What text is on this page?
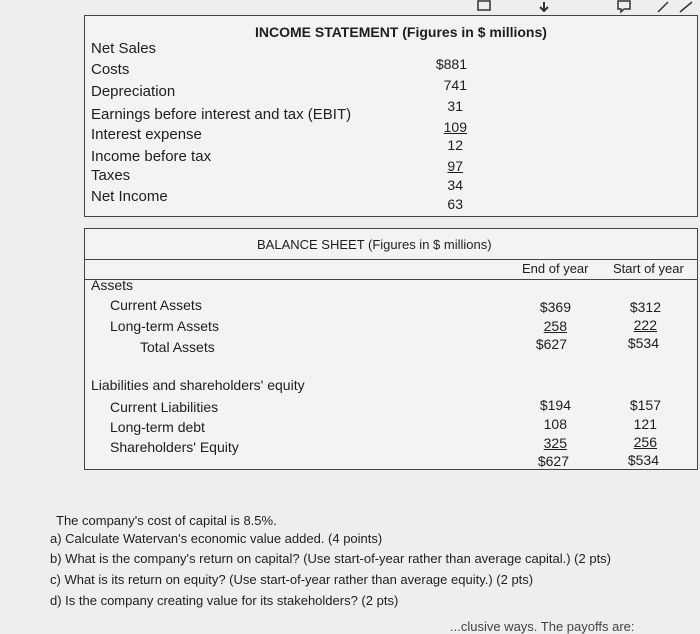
INCOME STATEMENT (Figures in $ millions)
Net Sales
Costs
Depreciation
Earnings before interest and tax (EBIT)
Interest expense
Income before tax
Taxes
Net Income
$881
741
31
109
12
97
34
63
BALANCE SHEET (Figures in $ millions)
End of year Start of year
Assets
Current Assets
Long-term Assets
Total Assets
$369
258
$627
$312
222
$534
Liabilities and shareholders' equity
Current Liabilities
Long-term debt
Shareholders' Equity
$194
108
325
$627
$157
121
256
$534
The company's cost of capital is 8.5%.
a) Calculate Watervan's economic value added. (4 points)
b) What is the company's return on capital? (Use start-of-year rather than average capital.) (2 pts)
c) What is its return on equity? (Use start-of-year rather than average equity.) (2 pts)
d) Is the company creating value for its stakeholders? (2 pts)
...clusive ways. The payoffs are:
